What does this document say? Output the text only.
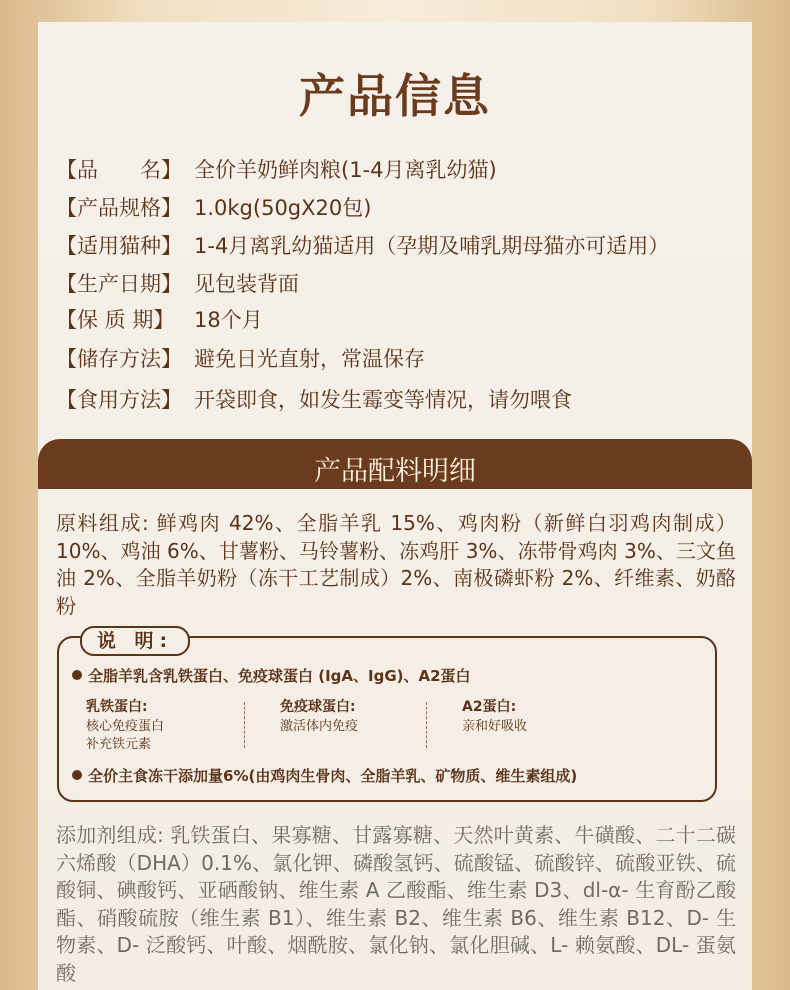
产品信息
【品　　名】 全价羊奶鲜肉粮(1-4月离乳幼猫)
【产品规格】 1.0kg(50gX20包)
【适用猫种】 1-4月离乳幼猫适用（孕期及哺乳期母猫亦可适用）
【生产日期】 见包装背面
【保 质 期】 18个月
【储存方法】 避免日光直射，常温保存
【食用方法】 开袋即食，如发生霉变等情况，请勿喂食
产品配料明细
原料组成: 鲜鸡肉 42%、全脂羊乳 15%、鸡肉粉（新鲜白羽鸡肉制成）10%、鸡油 6%、甘薯粉、马铃薯粉、冻鸡肝 3%、冻带骨鸡肉 3%、三文鱼油 2%、全脂羊奶粉（冻干工艺制成）2%、南极磷虾粉 2%、纤维素、奶酪粉
说 明:
全脂羊乳含乳铁蛋白、免疫球蛋白 (IgA、IgG)、A2蛋白
乳铁蛋白:
核心免疫蛋白
补充铁元素
免疫球蛋白:
激活体内免疫
A2蛋白:
亲和好吸收
全价主食冻干添加量6%(由鸡肉生骨肉、全脂羊乳、矿物质、维生素组成)
添加剂组成: 乳铁蛋白、果寡糖、甘露寡糖、天然叶黄素、牛磺酸、二十二碳六烯酸（DHA）0.1%、氯化钾、磷酸氢钙、硫酸锰、硫酸锌、硫酸亚铁、硫酸铜、碘酸钙、亚硒酸钠、维生素 A 乙酸酯、维生素 D3、dl-α- 生育酚乙酸酯、硝酸硫胺（维生素 B1）、维生素 B2、维生素 B6、维生素 B12、D- 生物素、D- 泛酸钙、叶酸、烟酰胺、氯化钠、氯化胆碱、L- 赖氨酸、DL- 蛋氨酸
